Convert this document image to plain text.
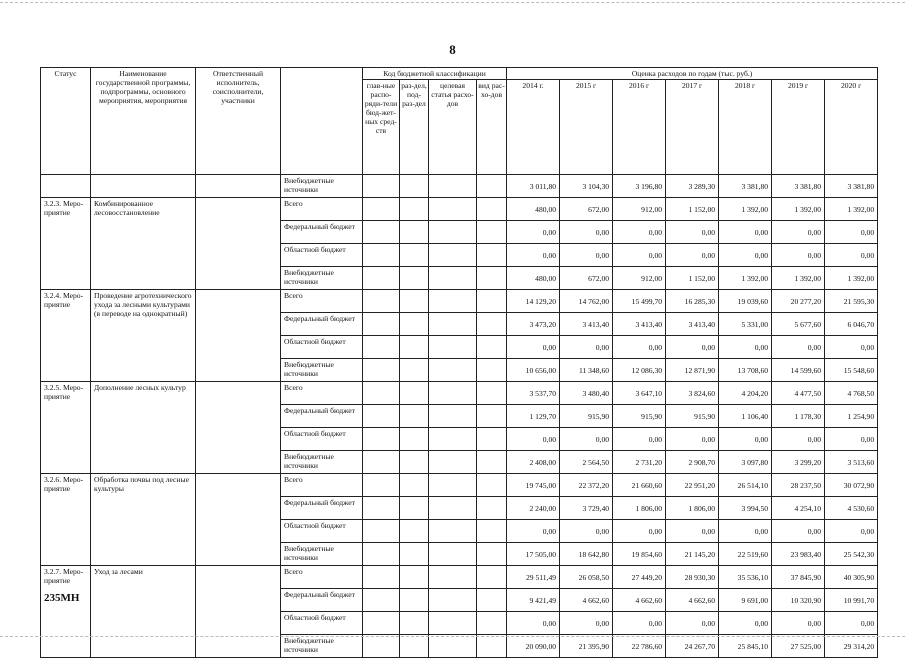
8
Статус	Наименование государственной программы, подпрограммы, основного мероприятия, мероприятия	Ответственный исполнитель, соисполнители, участники		Код бюджетной классификации				Оценка расходов по годам (тыс. руб.)						
				глав-ные распо-ряди-тели бюд-жет-ных сред-ств	раз-дел, под-раз-дел	целевая статья расхо-дов	вид рас-хо-дов	2014 г.	2015 г	2016 г	2017 г	2018 г	2019 г	2020 г
			Внебюджетные источники					3 011,80	3 104,30	3 196,80	3 289,30	3 381,80	3 381,80	3 381,80
3.2.3. Меро-приятие	Комбинированное лесовосстановление		Всего					480,00	672,00	912,00	1 152,00	1 392,00	1 392,00	1 392,00
			Федеральный бюджет					0,00	0,00	0,00	0,00	0,00	0,00	0,00
			Областной бюджет					0,00	0,00	0,00	0,00	0,00	0,00	0,00
			Внебюджетные источники					480,00	672,00	912,00	1 152,00	1 392,00	1 392,00	1 392,00
3.2.4. Меро-приятие	Проведение агротехнического ухода за лесными культурами (в переводе на однократный)		Всего					14 129,20	14 762,00	15 499,70	16 285,30	19 039,60	20 277,20	21 595,30
			Федеральный бюджет					3 473,20	3 413,40	3 413,40	3 413,40	5 331,00	5 677,60	6 046,70
			Областной бюджет					0,00	0,00	0,00	0,00	0,00	0,00	0,00
			Внебюджетные источники					10 656,00	11 348,60	12 086,30	12 871,90	13 708,60	14 599,60	15 548,60
3.2.5. Меро-приятие	Дополнение лесных культур		Всего					3 537,70	3 480,40	3 647,10	3 824,60	4 204,20	4 477,50	4 768,50
			Федеральный бюджет					1 129,70	915,90	915,90	915,90	1 106,40	1 178,30	1 254,90
			Областной бюджет					0,00	0,00	0,00	0,00	0,00	0,00	0,00
			Внебюджетные источники					2 408,00	2 564,50	2 731,20	2 908,70	3 097,80	3 299,20	3 513,60
3.2.6. Меро-приятие	Обработка почвы под лесные культуры		Всего					19 745,00	22 372,20	21 660,60	22 951,20	26 514,10	28 237,50	30 072,90
			Федеральный бюджет					2 240,00	3 729,40	1 806,00	1 806,00	3 994,50	4 254,10	4 530,60
			Областной бюджет					0,00	0,00	0,00	0,00	0,00	0,00	0,00
			Внебюджетные источники					17 505,00	18 642,80	19 854,60	21 145,20	22 519,60	23 983,40	25 542,30
3.2.7. Меро-приятие	Уход за лесами		Всего					29 511,49	26 058,50	27 449,20	28 930,30	35 536,10	37 845,90	40 305,90
			Федеральный бюджет					9 421,49	4 662,60	4 662,60	4 662,60	9 691,00	10 320,90	10 991,70
			Областной бюджет					0,00	0,00	0,00	0,00	0,00	0,00	0,00
			Внебюджетные источники					20 090,00	21 395,90	22 786,60	24 267,70	25 845,10	27 525,00	29 314,20
235МН
